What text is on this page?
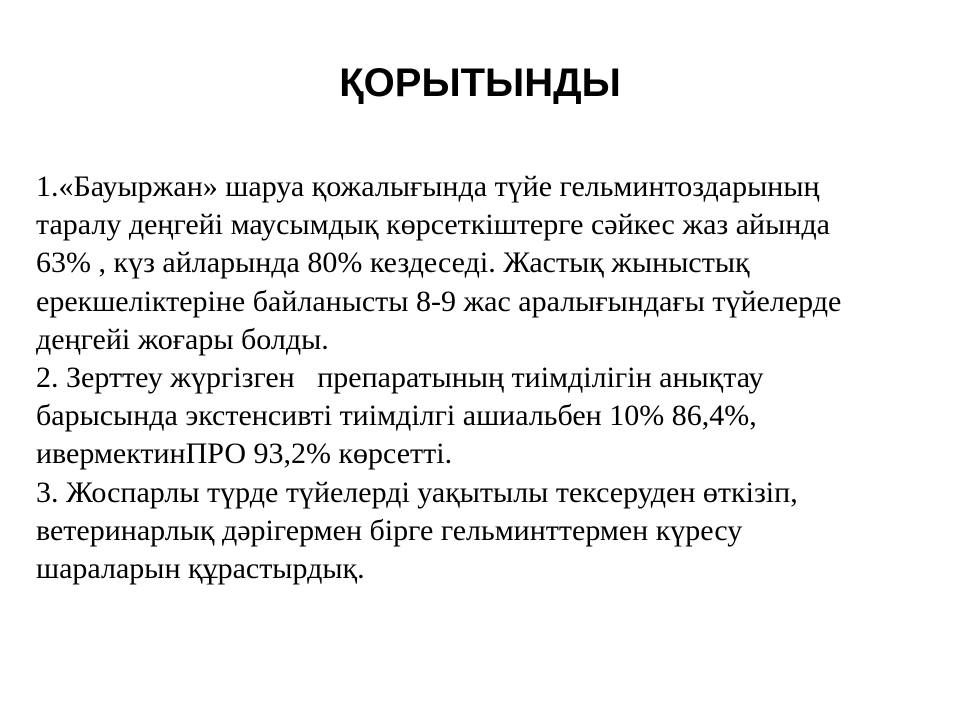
ҚОРЫТЫНДЫ
1.«Бауыржан» шаруа қожалығында түйе гельминтоздарының
таралу деңгейі маусымдық көрсеткіштерге сәйкес жаз айында
63% , күз айларында 80% кездеседі. Жастық жыныстық
ерекшеліктеріне байланысты 8-9 жас аралығындағы түйелерде
деңгейі жоғары болды.
2. Зерттеу жүргізген   препаратының тиімділігін анықтау
барысында экстенсивті тиімділгі ашиальбен 10% 86,4%,
ивермектинПРО 93,2% көрсетті.
3. Жоспарлы түрде түйелерді уақытылы тексеруден өткізіп,
ветеринарлық дәрігермен бірге гельминттермен күресу
шараларын құрастырдық.
